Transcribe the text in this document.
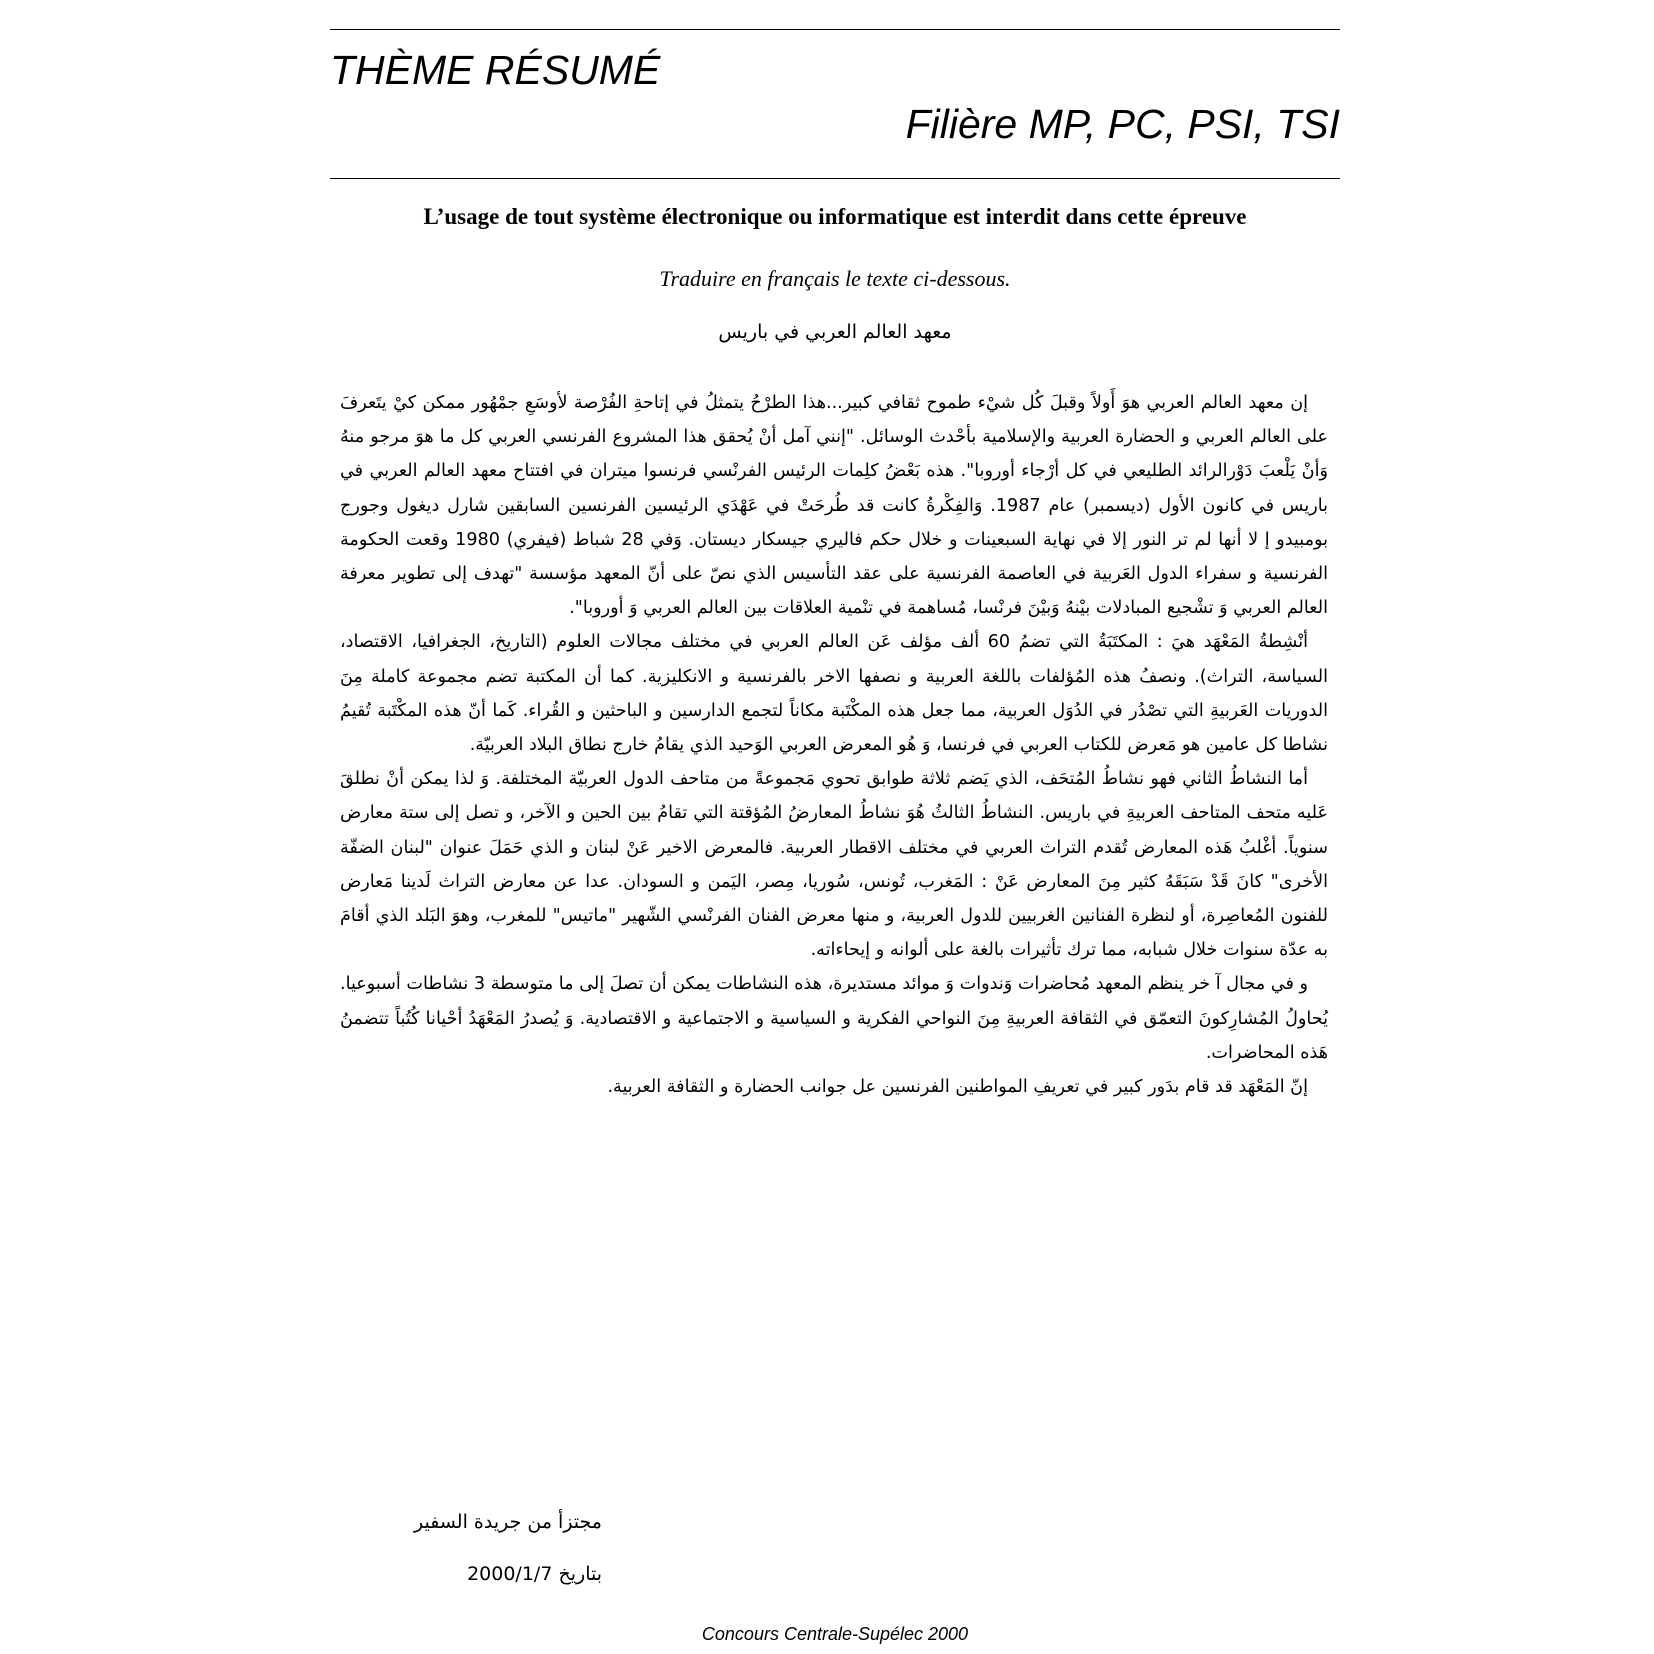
THÈME RÉSUMÉ
Filière MP, PC, PSI, TSI
L’usage de tout système électronique ou informatique est interdit dans cette épreuve
Traduire en français le texte ci-dessous.
معهد العالم العربي في باريس

إن معهد العالم العربي هوَ أَولاً وقبلَ كُل شيْء طموح ثقافي كبير...هذا الطرْحُ يتمثلُ في إتاحةِ الفُرْصة لأوسَعِ جمْهُور ممكن كيْ يتَعرفَ على العالم العربي و الحضارة العربية والإسلامية بأحْدث الوسائل. "إنني آمل أنْ يُحقق هذا المشروع الفرنسي العربي كل ما هوَ مرجو منهُ وَأنْ يَلْعبَ دَوْرالرائد الطليعي في كل أرْجاء أوروبا". هذه بَعْضُ كلِمات الرئيس الفرنْسي فرنسوا ميتران في افتتاح معهد العالم العربي في باريس في كانون الأول (ديسمبر) عام 1987. وَالفِكْرةُ كانت قد طُرحَتْ في عَهْدَي الرئيسين الفرنسين السابقين شارل ديغول وجورج بومبيدو إ لا أنها لم تر النور إلا في نهاية السبعينات و خلال حكم فاليري جيسكار ديستان. وَفي 28 شباط (فيفري) 1980 وقعت الحكومة الفرنسية و سفراء الدول العَربية في العاصمة الفرنسية على عقد التأسيس الذي نصّ على أنّ المعهد مؤسسة "تهدف إلى تطوير معرفة العالم العربي وَ تشْجيع المبادلات بيْنهُ وَبيْنَ فرنْسا، مُساهمة في تنْمية العلاقات بين العالم العربي وَ أوروبا".

أنْشِطةُ المَعْهَد هيَ : المكتَبَةُ التي تضمُ 60 ألف مؤلف عَن العالم العربي في مختلف مجالات العلوم (التاريخ، الجغرافيا، الاقتصاد، السياسة، التراث). ونصفُ هذه المُؤلفات باللغة العربية و نصفها الاخر بالفرنسية و الانكليزية. كما أن المكتبة تضم مجموعة كاملة مِنَ الدوريات العَربيةِ التي تصْدُر في الدُوَل العربية، مما جعل هذه المكْتَبة مكاناً لتجمع الدارسين و الباحثين و القُراء. كَما أنّ هذه المكْتَبة تُقيمُ نشاطا كل عامين هو مَعرض للكتاب العربي في فرنسا، وَ هُو المعرض العربي الوَحيد الذي يقامُ خارج نطاق البلاد العربيّة.

أما النشاطُ الثاني فهو نشاطُ المُتحَف، الذي يَضم ثلاثة طوابق تحوي مَجموعةً من متاحف الدول العربيّة المختلفة. وَ لذا يمكن أنْ نطلقَ عَليه متحف المتاحف العربيةِ في باريس. النشاطُ الثالثُ هُوَ نشاطُ المعارضُ المُؤقتة التي تقامُ بين الحين و الآخر، و تصل إلى ستة معارض سنوياً. أغْلبُ هَذه المعارض تُقدم التراث العربي في مختلف الاقطار العربية. فالمعرض الاخير عَنْ لبنان و الذي حَمَلَ عنوان "لبنان الضفّة الأخرى" كانَ قَدْ سَبَقَهُ كثير مِنَ المعارض عَنْ : المَغرب، تُونس، سُوريا، مِصر، اليَمن و السودان. عدا عن معارض التراث لَدينا مَعارض للفنون المُعاصِرة، أو لنظرة الفنانين الغربيين للدول العربية، و منها معرض الفنان الفرنْسي الشّهير "ماتيس" للمغرب، وهوَ البَلد الذي أقامَ به عدّة سنوات خلال شبابه، مما ترك تأثيرات بالغة على ألوانه و إيحاءاته.

و في مجال آ خر ينظم المعهد مُحاضرات وَندوات وَ موائد مستديرة، هذه النشاطات يمكن أن تصلَ إلى ما متوسطة 3 نشاطات أسبوعيا. يُحاولُ المُشارِكونَ التعمّق في الثقافة العربيةِ مِنَ النواحي الفكرية و السياسية و الاجتماعية و الاقتصادية. وَ يُصدرُ المَعْهَدُ أحْيانا كُتُباً تتضمنُ هَذه المحاضرات.

إنّ المَعْهَد قد قام بدَور كبير في تعريفِ المواطنين الفرنسين عل جوانب الحضارة و الثقافة العربية.

مجتزأ من جريدة السفير
بتاريخ 2000/1/7
Concours Centrale-Supélec 2000
